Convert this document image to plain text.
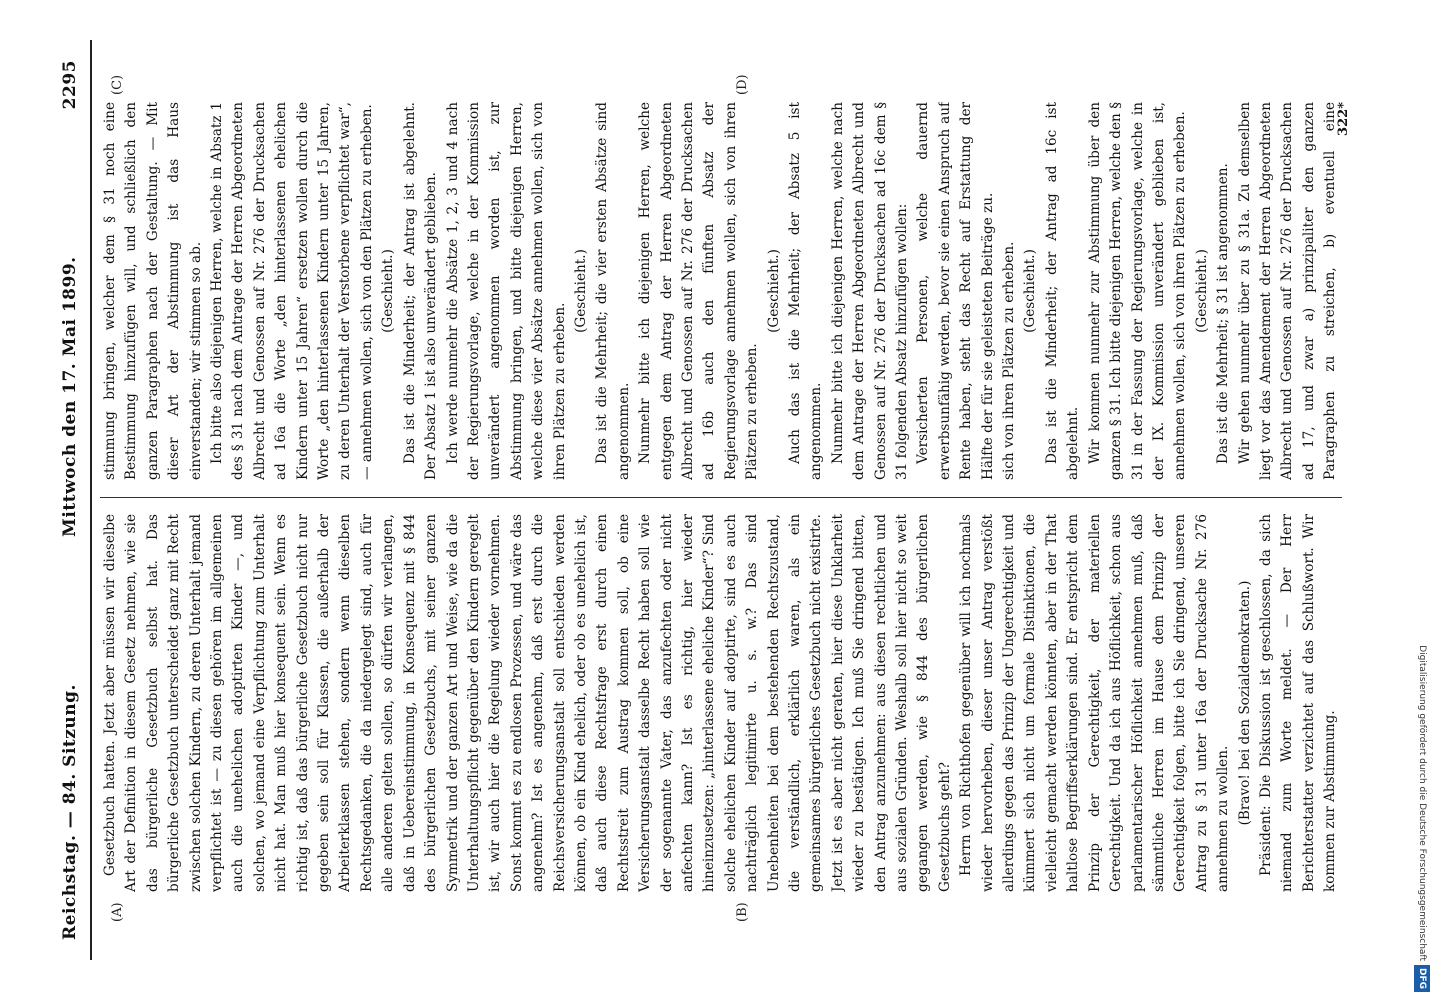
Reichstag. — 84. Sitzung.
Mittwoch den 17. Mai 1899.
2295
(A)	(B)
(C)	(D)

Gesetzbuch hatten. Jetzt aber müssen wir dieselbe Art der Definition in diesem Gesetz nehmen, wie sie das bürgerliche Gesetzbuch selbst hat. Das bürgerliche Gesetzbuch unterscheidet ganz mit Recht zwischen solchen Kindern, zu deren Unterhalt jemand verpflichtet ist — zu diesen gehören im allgemeinen auch die unehelichen adoptirten Kinder —, und solchen, wo jemand eine Verpflichtung zum Unterhalt nicht hat. Man muß hier konsequent sein. Wenn es richtig ist, daß das bürgerliche Gesetzbuch nicht nur gegeben sein soll für Klassen, die außerhalb der Arbeiterklassen stehen, sondern wenn dieselben Rechtsgedanken, die da niedergelegt sind, auch für alle anderen gelten sollen, so dürfen wir verlangen, daß in Uebereinstimmung, in Konsequenz mit § 844 des bürgerlichen Gesetzbuchs, mit seiner ganzen Symmetrik und der ganzen Art und Weise, wie da die Unterhaltungspflicht gegenüber den Kindern geregelt ist, wir auch hier die Regelung wieder vornehmen. Sonst kommt es zu endlosen Prozessen, und wäre das angenehm? Ist es angenehm, daß erst durch die Reichsversicherungsanstalt soll entschieden werden können, ob ein Kind ehelich, oder ob es unehelich ist, daß auch diese Rechtsfrage erst durch einen Rechtsstreit zum Austrag kommen soll, ob eine Versicherungsanstalt dasselbe Recht haben soll wie der sogenannte Vater, das anzufechten oder nicht anfechten kann? Ist es richtig, hier wieder hineinzusetzen: „hinterlassene eheliche Kinder“? Sind solche ehelichen Kinder auf adoptirte, sind es auch nachträglich legitimirte u. s. w.? Das sind Unebenheiten bei dem bestehenden Rechtszustand, die verständlich, erklärlich waren, als ein gemeinsames bürgerliches Gesetzbuch nicht existirte. Jetzt ist es aber nicht geraten, hier diese Unklarheit wieder zu bestätigen. Ich muß Sie dringend bitten, den Antrag anzunehmen: aus diesen rechtlichen und aus sozialen Gründen. Weshalb soll hier nicht so weit gegangen werden, wie § 844 des bürgerlichen Gesetzbuchs geht? Herrn von Richthofen gegenüber will ich nochmals wieder hervorheben, dieser unser Antrag verstößt allerdings gegen das Prinzip der Ungerechtigkeit und kümmert sich nicht um formale Distinktionen, die vielleicht gemacht werden könnten, aber in der That haltlose Begriffserklärungen sind. Er entspricht dem Prinzip der Gerechtigkeit, der materiellen Gerechtigkeit. Und da ich aus Höflichkeit, schon aus parlamentarischer Höflichkeit annehmen muß, daß sämmtliche Herren im Hause dem Prinzip der Gerechtigkeit folgen, bitte ich Sie dringend, unseren Antrag zu § 31 unter 16a der Drucksache Nr. 276 annehmen zu wollen. (Bravo! bei den Sozialdemokraten.) Präsident: Die Diskussion ist geschlossen, da sich niemand zum Worte meldet. — Der Herr Berichterstatter verzichtet auf das Schlußwort. Wir kommen zur Abstimmung.

stimmung bringen, welcher dem § 31 noch eine Bestimmung hinzufügen will, und schließlich den ganzen Paragraphen nach der Gestaltung. — Mit dieser Art der Abstimmung ist das Haus einverstanden; wir stimmen so ab. Ich bitte also diejenigen Herren, welche in Absatz 1 des § 31 nach dem Antrage der Herren Abgeordneten Albrecht und Genossen auf Nr. 276 der Drucksachen ad 16a die Worte „den hinterlassenen ehelichen Kindern unter 15 Jahren“ ersetzen wollen durch die Worte „den hinterlassenen Kindern unter 15 Jahren, zu deren Unterhalt der Verstorbene verpflichtet war“, — annehmen wollen, sich von den Plätzen zu erheben. (Geschieht.) Das ist die Minderheit; der Antrag ist abgelehnt. Der Absatz 1 ist also unverändert geblieben. Ich werde nunmehr die Absätze 1, 2, 3 und 4 nach der Regierungsvorlage, welche in der Kommission unverändert angenommen worden ist, zur Abstimmung bringen, und bitte diejenigen Herren, welche diese vier Absätze annehmen wollen, sich von ihren Plätzen zu erheben.

(Geschieht.) Das ist die Mehrheit; die vier ersten Absätze sind angenommen. Nunmehr bitte ich diejenigen Herren, welche entgegen dem Antrag der Herren Abgeordneten Albrecht und Genossen auf Nr. 276 der Drucksachen ad 16b auch den fünften Absatz der Regierungsvorlage annehmen wollen, sich von ihren Plätzen zu erheben.

(Geschieht.) Auch das ist die Mehrheit; der Absatz 5 ist angenommen. Nunmehr bitte ich diejenigen Herren, welche nach dem Antrage der Herren Abgeordneten Albrecht und Genossen auf Nr. 276 der Drucksachen ad 16c dem § 31 folgenden Absatz hinzufügen wollen: Versicherten Personen, welche dauernd erwerbsunfähig werden, bevor sie einen Anspruch auf Rente haben, steht das Recht auf Erstattung der Hälfte der für sie geleisteten Beiträge zu. sich von ihren Plätzen zu erheben. (Geschieht.) Das ist die Minderheit; der Antrag ad 16c ist abgelehnt. Wir kommen nunmehr zur Abstimmung über den ganzen § 31. Ich bitte diejenigen Herren, welche den § 31 in der Fassung der Regierungsvorlage, welche in der IX. Kommission unverändert geblieben ist, annehmen wollen, sich von ihren Plätzen zu erheben. (Geschieht.) Das ist die Mehrheit; § 31 ist angenommen. Wir gehen nunmehr über zu § 31a. Zu demselben liegt vor das Amendement der Herren Abgeordneten Albrecht und Genossen auf Nr. 276 der Drucksachen ad 17, und zwar a) prinzipaliter den ganzen Paragraphen zu streichen, b) eventuell eine

322*
Digitalisierung gefördert durch die Deutsche ForschungsgemeinschaftDFG
